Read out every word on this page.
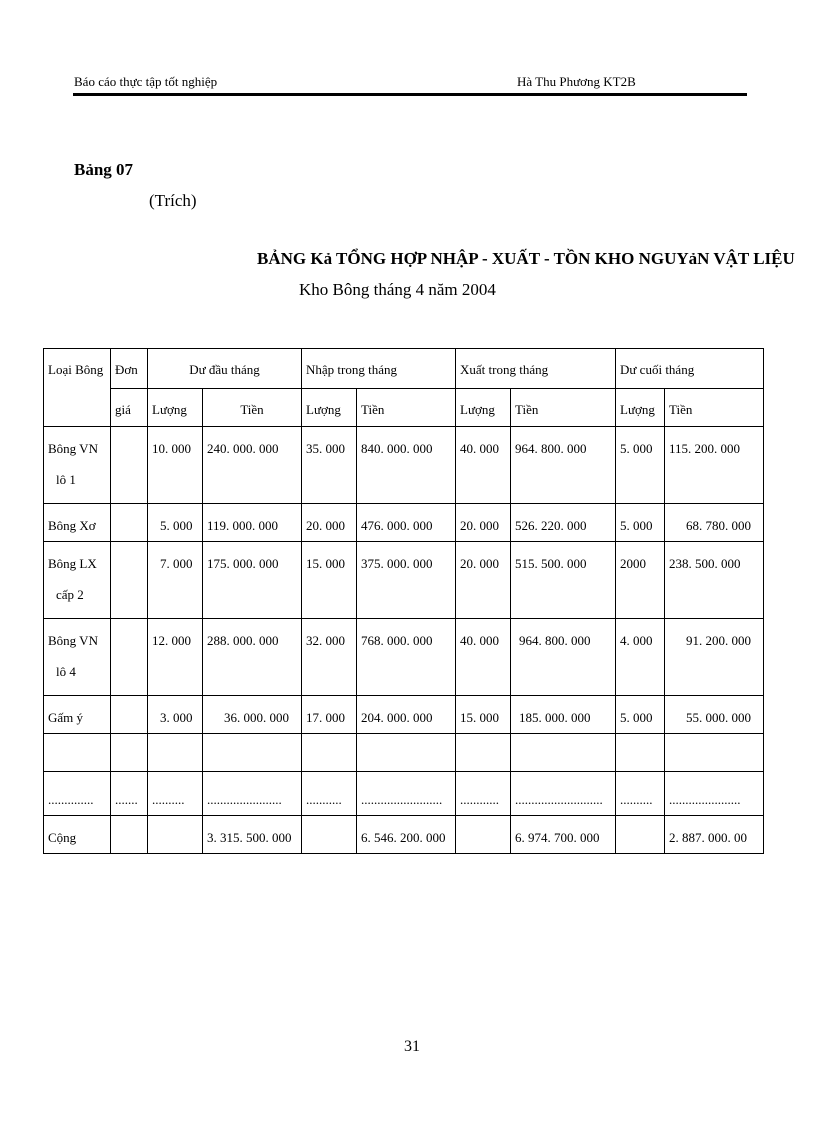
Báo cáo thực tập tốt nghiệp	Hà Thu Phương KT2B
Bảng 07
(Trích)
BẢNG Kả TỔNG HỢP NHẬP - XUẤT - TỒN KHO NGUYảN VẬT LIỆU
Kho Bông tháng 4 năm 2004
Loại Bông	Đơn	Dư đầu tháng		Nhập trong tháng		Xuất trong tháng		Dư cuối tháng	

	giá	Lượng	Tiền	Lượng	Tiền	Lượng	Tiền	Lượng	Tiền

Bông VN
lô 1		10. 000	240. 000. 000	35. 000	840. 000. 000	40. 000	964. 800. 000	5. 000	115. 200. 000

Bông Xơ		5. 000	119. 000. 000	20. 000	476. 000. 000	20. 000	526. 220. 000	5. 000	68. 780. 000

Bông LX
cấp 2		7. 000	175. 000. 000	15. 000	375. 000. 000	20. 000	515. 500. 000	2000	238. 500. 000

Bông VN
lô 4		12. 000	288. 000. 000	32. 000	768. 000. 000	40. 000	964. 800. 000	4. 000	91. 200. 000

Gấm ý		3. 000	36. 000. 000	17. 000	204. 000. 000	15. 000	185. 000. 000	5. 000	55. 000. 000

..............	.......	..........	.......................	...........	.........................	............	...........................	..........	......................

Cộng			3. 315. 500. 000		6. 546. 200. 000		6. 974. 700. 000		2. 887. 000. 00
31
